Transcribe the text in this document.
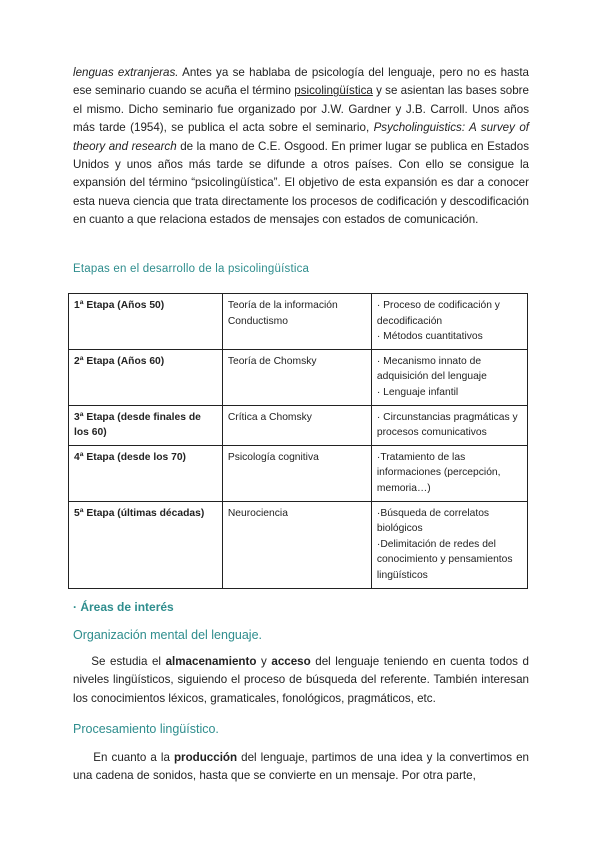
lenguas extranjeras. Antes ya se hablaba de psicología del lenguaje, pero no es hasta ese seminario cuando se acuña el término psicolingüística y se asientan las bases sobre el mismo. Dicho seminario fue organizado por J.W. Gardner y J.B. Carroll. Unos años más tarde (1954), se publica el acta sobre el seminario, Psycholinguistics: A survey of theory and research de la mano de C.E. Osgood. En primer lugar se publica en Estados Unidos y unos años más tarde se difunde a otros países. Con ello se consigue la expansión del término “psicolingüística”. El objetivo de esta expansión es dar a conocer esta nueva ciencia que trata directamente los procesos de codificación y descodificación en cuanto a que relaciona estados de mensajes con estados de comunicación.

Etapas en el desarrollo de la psicolingüística

1ª Etapa (Años 50)	Teoría de la información Conductismo	· Proceso de codificación y decodificación
· Métodos cuantitativos

2ª Etapa (Años 60)	Teoría de Chomsky	· Mecanismo innato de adquisición del lenguaje
· Lenguaje infantil

3ª Etapa (desde finales de los 60)	Crítica a Chomsky	· Circunstancias pragmáticas y procesos comunicativos

4ª Etapa (desde los 70)	Psicología cognitiva	·Tratamiento de las informaciones (percepción, memoria…)

5ª Etapa (últimas décadas)	Neurociencia	·Búsqueda de correlatos biológicos
·Delimitación de redes del conocimiento y pensamientos lingüísticos

· Áreas de interés

Organización mental del lenguaje.

Se estudia el almacenamiento y acceso del lenguaje teniendo en cuenta todos d niveles lingüísticos, siguiendo el proceso de búsqueda del referente. También interesan los conocimientos léxicos, gramaticales, fonológicos, pragmáticos, etc.

Procesamiento lingüístico.

En cuanto a la producción del lenguaje, partimos de una idea y la convertimos en una cadena de sonidos, hasta que se convierte en un mensaje. Por otra parte,
